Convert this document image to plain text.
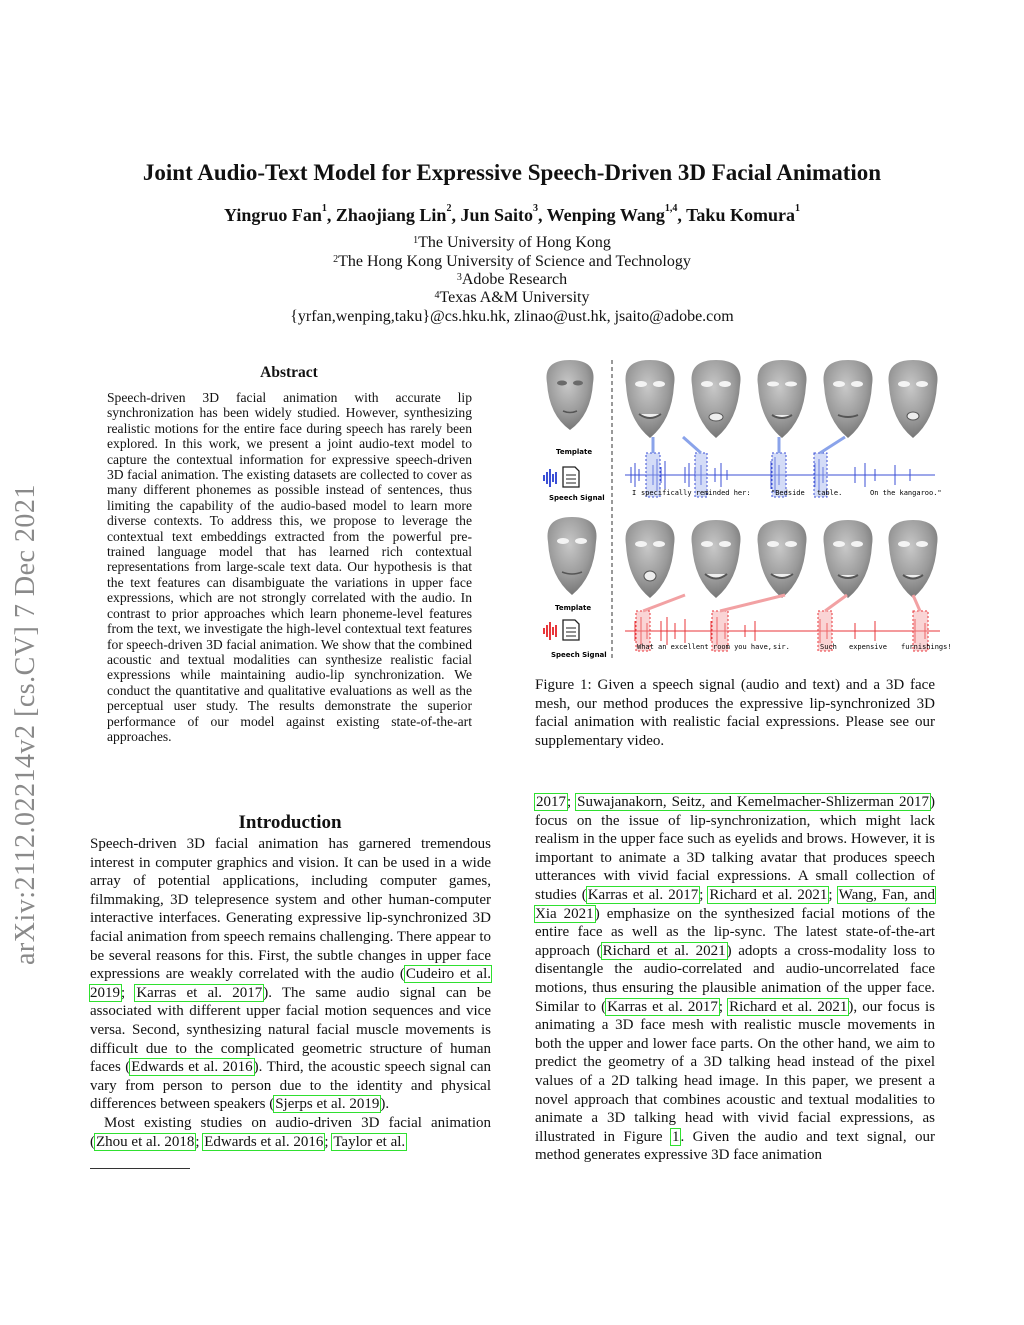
Joint Audio-Text Model for Expressive Speech-Driven 3D Facial Animation
Yingruo Fan$^1$, Zhaojiang Lin$^2$, Jun Saito$^3$, Wenping Wang$^{1,4}$, Taku Komura$^1$
$^1$The University of Hong Kong
$^2$The Hong Kong University of Science and Technology
$^3$Adobe Research
$^4$Texas A&M University
{yrfan,wenping,taku}@cs.hku.hk, zlinao@ust.hk, jsaito@adobe.com
arXiv:2112.02214v2 [cs.CV] 7 Dec 2021
Abstract
Speech-driven 3D facial animation with accurate lip synchronization has been widely studied. However, synthesizing realistic motions for the entire face during speech has rarely been explored. In this work, we present a joint audio-text model to capture the contextual information for expressive speech-driven 3D facial animation. The existing datasets are collected to cover as many different phonemes as possible instead of sentences, thus limiting the capability of the audio-based model to learn more diverse contexts. To address this, we propose to leverage the contextual text embeddings extracted from the powerful pre-trained language model that has learned rich contextual representations from large-scale text data. Our hypothesis is that the text features can disambiguate the variations in upper face expressions, which are not strongly correlated with the audio. In contrast to prior approaches which learn phoneme-level features from the text, we investigate the high-level contextual text features for speech-driven 3D facial animation. We show that the combined acoustic and textual modalities can synthesize realistic facial expressions while maintaining audio-lip synchronization. We conduct the quantitative and qualitative evaluations as well as the perceptual user study. The results demonstrate the superior performance of our model against existing state-of-the-art approaches.
Introduction

Speech-driven 3D facial animation has garnered tremendous interest in computer graphics and vision. It can be used in a wide array of potential applications, including computer games, filmmaking, 3D telepresence system and other human-computer interactive interfaces. Generating expressive lip-synchronized 3D facial animation from speech remains challenging. There appear to be several reasons for this. First, the subtle changes in upper face expressions are weakly correlated with the audio (Cudeiro et al. 2019; Karras et al. 2017). The same audio signal can be associated with different upper facial motion sequences and vice versa. Second, synthesizing natural facial muscle movements is difficult due to the complicated geometric structure of human faces (Edwards et al. 2016). Third, the acoustic speech signal can vary from person to person due to the identity and physical differences between speakers (Sjerps et al. 2019).

Most existing studies on audio-driven 3D facial animation (Zhou et al. 2018; Edwards et al. 2016; Taylor et al.

Template
Speech Signal
I specifically reminded her:	"Bedside table.	On the kangaroo."
Template
Speech Signal
What an excellent room you have, sir.	Such expensive furnishings!
Figure 1: Given a speech signal (audio and text) and a 3D face mesh, our method produces the expressive lip-synchronized 3D facial animation with realistic facial expressions. Please see our supplementary video.

2017; Suwajanakorn, Seitz, and Kemelmacher-Shlizerman 2017) focus on the issue of lip-synchronization, which might lack realism in the upper face such as eyelids and brows. However, it is important to animate a 3D talking avatar that produces speech utterances with vivid facial expressions. A small collection of studies (Karras et al. 2017; Richard et al. 2021; Wang, Fan, and Xia 2021) emphasize on the synthesized facial motions of the entire face as well as the lip-sync. The latest state-of-the-art approach (Richard et al. 2021) adopts a cross-modality loss to disentangle the audio-correlated and audio-uncorrelated face motions, thus ensuring the plausible animation of the upper face. Similar to (Karras et al. 2017; Richard et al. 2021), our focus is animating a 3D face mesh with realistic muscle movements in both the upper and lower face parts. On the other hand, we aim to predict the geometry of a 3D talking head instead of the pixel values of a 2D talking head image. In this paper, we present a novel approach that combines acoustic and textual modalities to animate a 3D talking head with vivid facial expressions, as illustrated in Figure 1. Given the audio and text signal, our method generates expressive 3D face animation
